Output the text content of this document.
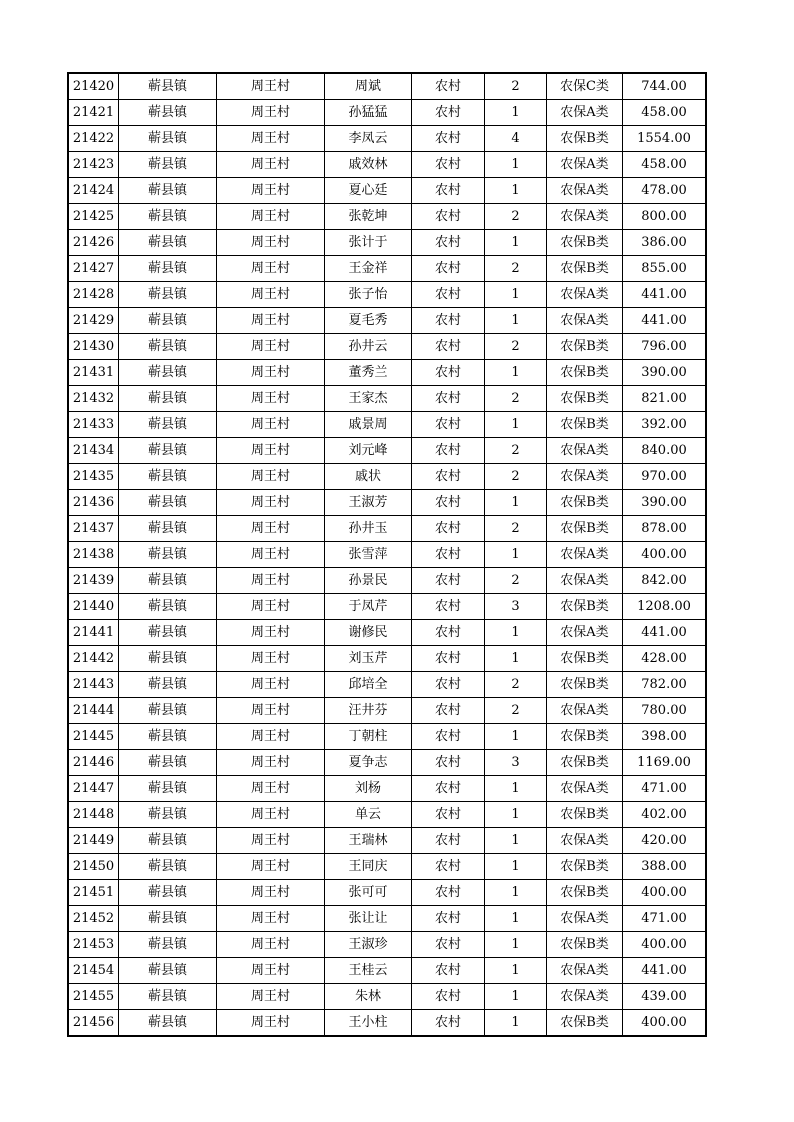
21420	蕲县镇	周王村	周斌	农村	2	农保C类	744.00
21421	蕲县镇	周王村	孙猛猛	农村	1	农保A类	458.00
21422	蕲县镇	周王村	李凤云	农村	4	农保B类	1554.00
21423	蕲县镇	周王村	戚效林	农村	1	农保A类	458.00
21424	蕲县镇	周王村	夏心廷	农村	1	农保A类	478.00
21425	蕲县镇	周王村	张乾坤	农村	2	农保A类	800.00
21426	蕲县镇	周王村	张计于	农村	1	农保B类	386.00
21427	蕲县镇	周王村	王金祥	农村	2	农保B类	855.00
21428	蕲县镇	周王村	张子怡	农村	1	农保A类	441.00
21429	蕲县镇	周王村	夏毛秀	农村	1	农保A类	441.00
21430	蕲县镇	周王村	孙井云	农村	2	农保B类	796.00
21431	蕲县镇	周王村	董秀兰	农村	1	农保B类	390.00
21432	蕲县镇	周王村	王家杰	农村	2	农保B类	821.00
21433	蕲县镇	周王村	戚景周	农村	1	农保B类	392.00
21434	蕲县镇	周王村	刘元峰	农村	2	农保A类	840.00
21435	蕲县镇	周王村	戚状	农村	2	农保A类	970.00
21436	蕲县镇	周王村	王淑芳	农村	1	农保B类	390.00
21437	蕲县镇	周王村	孙井玉	农村	2	农保B类	878.00
21438	蕲县镇	周王村	张雪萍	农村	1	农保A类	400.00
21439	蕲县镇	周王村	孙景民	农村	2	农保A类	842.00
21440	蕲县镇	周王村	于凤芹	农村	3	农保B类	1208.00
21441	蕲县镇	周王村	谢修民	农村	1	农保A类	441.00
21442	蕲县镇	周王村	刘玉芹	农村	1	农保B类	428.00
21443	蕲县镇	周王村	邱培全	农村	2	农保B类	782.00
21444	蕲县镇	周王村	汪井芬	农村	2	农保A类	780.00
21445	蕲县镇	周王村	丁朝柱	农村	1	农保B类	398.00
21446	蕲县镇	周王村	夏争志	农村	3	农保B类	1169.00
21447	蕲县镇	周王村	刘杨	农村	1	农保A类	471.00
21448	蕲县镇	周王村	单云	农村	1	农保B类	402.00
21449	蕲县镇	周王村	王瑞林	农村	1	农保A类	420.00
21450	蕲县镇	周王村	王同庆	农村	1	农保B类	388.00
21451	蕲县镇	周王村	张可可	农村	1	农保B类	400.00
21452	蕲县镇	周王村	张让让	农村	1	农保A类	471.00
21453	蕲县镇	周王村	王淑珍	农村	1	农保B类	400.00
21454	蕲县镇	周王村	王桂云	农村	1	农保A类	441.00
21455	蕲县镇	周王村	朱林	农村	1	农保A类	439.00
21456	蕲县镇	周王村	王小柱	农村	1	农保B类	400.00
